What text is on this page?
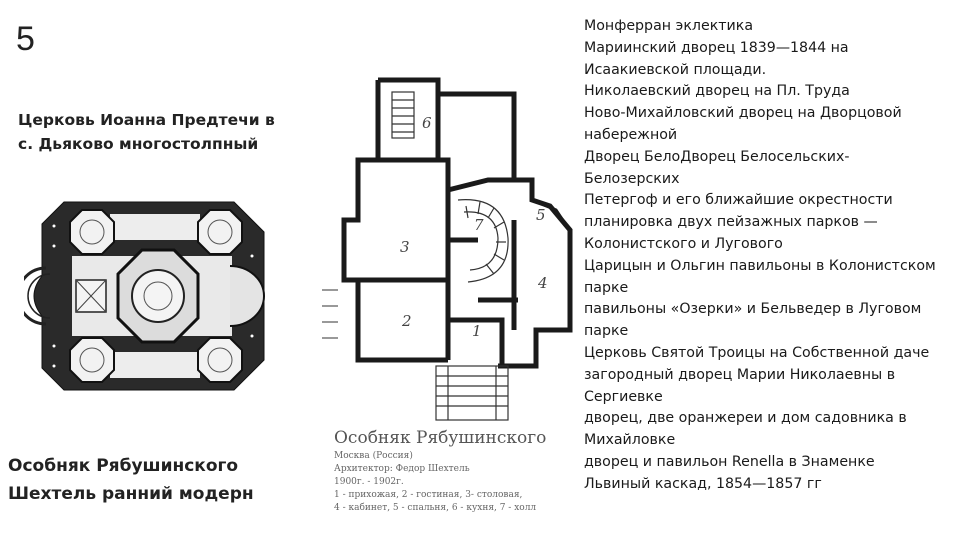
5
Церковь Иоанна Предтечи в
с. Дьяково многостолпный
Особняк Рябушинского
Шехтель ранний модерн
6
3
7
5
4
2
1
Особняк Рябушинского
Москва (Россия)
Архитектор: Федор Шехтель
1900г. - 1902г.
1 - прихожая, 2 - гостиная, 3- столовая,
4 - кабинет, 5 - спальня, 6 - кухня, 7 - холл
Монферран эклектика
Мариинский дворец 1839—1844 на
Исаакиевской площади.
Николаевский дворец на Пл. Труда
Ново-Михайловский дворец на Дворцовой
набережной
Дворец БелоДворец Белосельских-
Белозерских
Петергоф и его ближайшие окрестности
планировка двух пейзажных парков —
Колонистского и Лугового
Царицын и Ольгин павильоны в Колонистском
парке
павильоны «Озерки» и Бельведер в Луговом
парке
Церковь Святой Троицы на Собственной даче
загородный дворец Марии Николаевны в
Сергиевке
дворец, две оранжереи и дом садовника в
Михайловке
дворец и павильон Renella в Знаменке
Львиный каскад, 1854—1857 гг
